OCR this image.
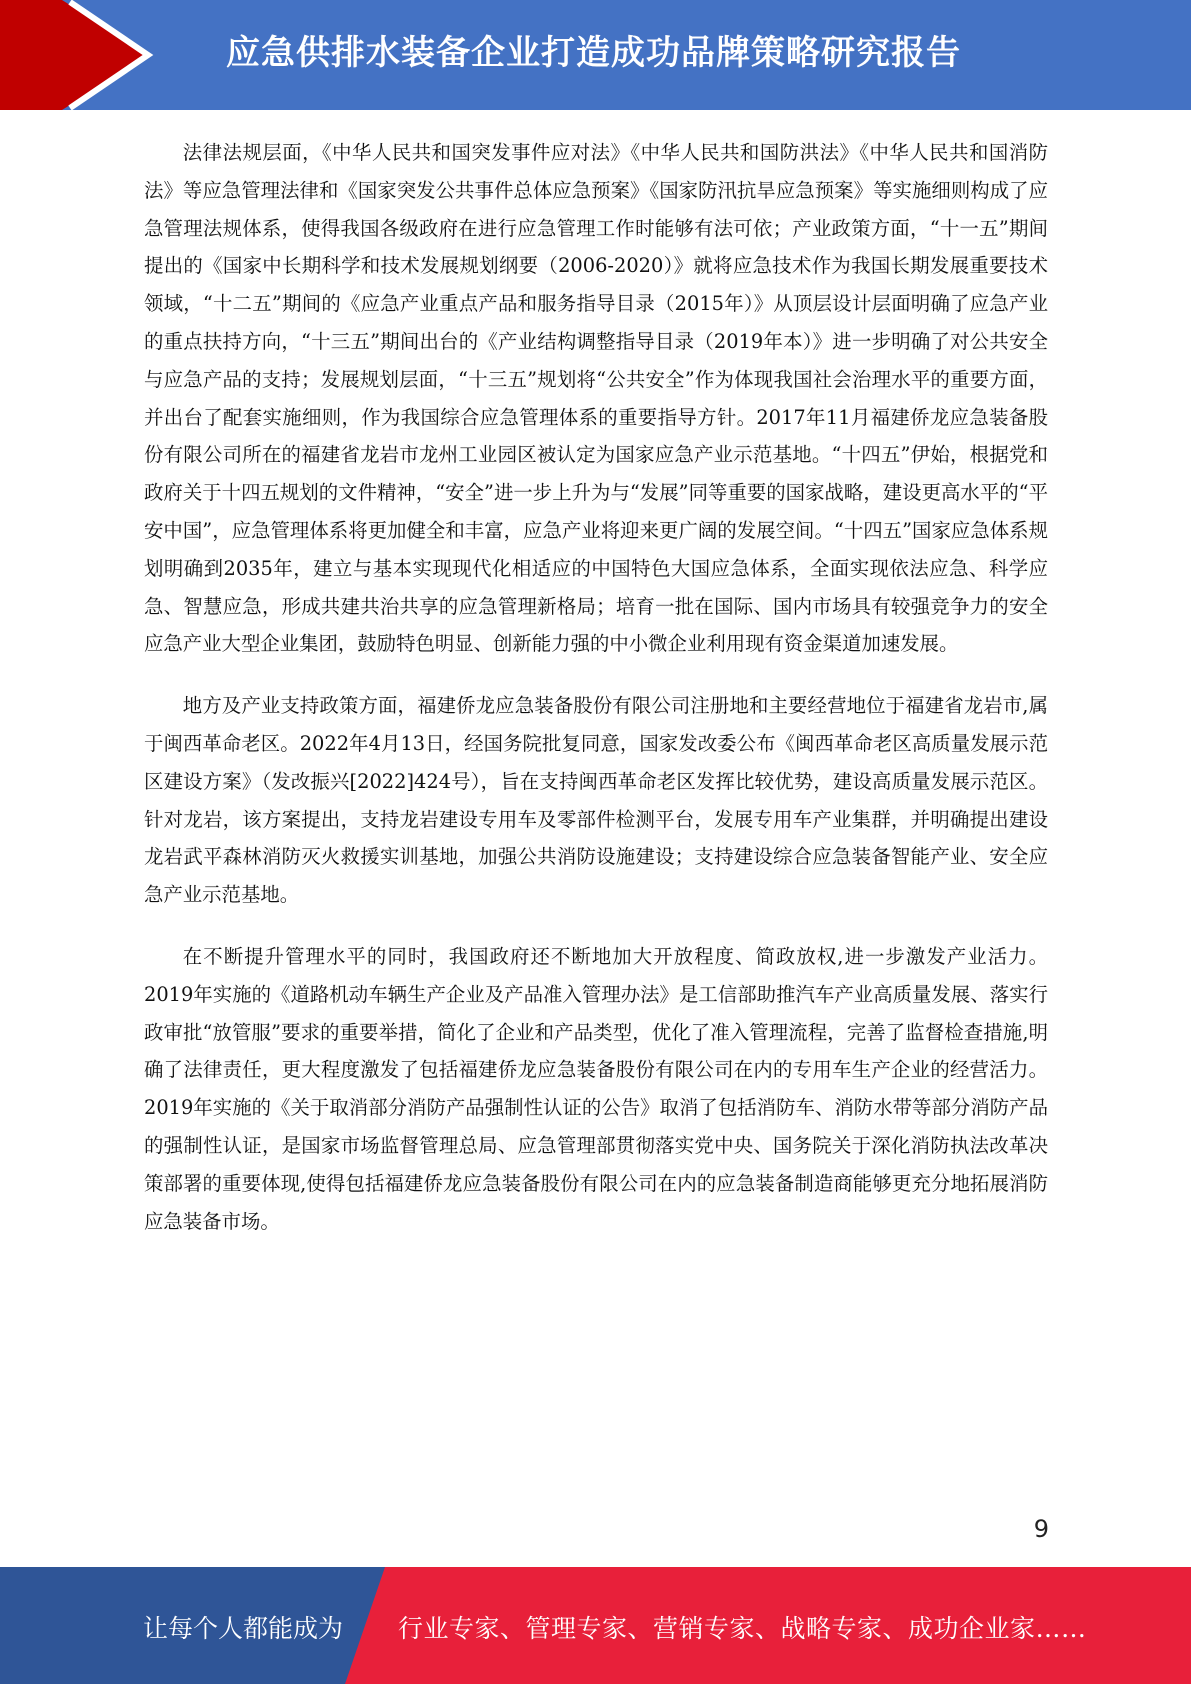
应急供排水装备企业打造成功品牌策略研究报告

法律法规层面，《中华人民共和国突发事件应对法》《中华人民共和国防洪法》《中华人民共和国消防法》等应急管理法律和《国家突发公共事件总体应急预案》《国家防汛抗旱应急预案》等实施细则构成了应急管理法规体系，使得我国各级政府在进行应急管理工作时能够有法可依；产业政策方面，“十一五”期间提出的《国家中长期科学和技术发展规划纲要（2006-2020）》就将应急技术作为我国长期发展重要技术领域，“十二五”期间的《应急产业重点产品和服务指导目录（2015年）》从顶层设计层面明确了应急产业的重点扶持方向，“十三五”期间出台的《产业结构调整指导目录（2019年本）》进一步明确了对公共安全与应急产品的支持；发展规划层面，“十三五”规划将“公共安全”作为体现我国社会治理水平的重要方面，并出台了配套实施细则，作为我国综合应急管理体系的重要指导方针。2017年11月福建侨龙应急装备股份有限公司所在的福建省龙岩市龙州工业园区被认定为国家应急产业示范基地。“十四五”伊始，根据党和政府关于十四五规划的文件精神，“安全”进一步上升为与“发展”同等重要的国家战略，建设更高水平的“平安中国”，应急管理体系将更加健全和丰富，应急产业将迎来更广阔的发展空间。“十四五”国家应急体系规划明确到2035年，建立与基本实现现代化相适应的中国特色大国应急体系，全面实现依法应急、科学应急、智慧应急，形成共建共治共享的应急管理新格局；培育一批在国际、国内市场具有较强竞争力的安全应急产业大型企业集团，鼓励特色明显、创新能力强的中小微企业利用现有资金渠道加速发展。

地方及产业支持政策方面，福建侨龙应急装备股份有限公司注册地和主要经营地位于福建省龙岩市,属于闽西革命老区。2022年4月13日，经国务院批复同意，国家发改委公布《闽西革命老区高质量发展示范区建设方案》（发改振兴[2022]424号），旨在支持闽西革命老区发挥比较优势，建设高质量发展示范区。针对龙岩，该方案提出，支持龙岩建设专用车及零部件检测平台，发展专用车产业集群，并明确提出建设龙岩武平森林消防灭火救援实训基地，加强公共消防设施建设；支持建设综合应急装备智能产业、安全应急产业示范基地。

在不断提升管理水平的同时，我国政府还不断地加大开放程度、简政放权,进一步激发产业活力。2019年实施的《道路机动车辆生产企业及产品准入管理办法》是工信部助推汽车产业高质量发展、落实行政审批“放管服”要求的重要举措，简化了企业和产品类型，优化了准入管理流程，完善了监督检查措施,明确了法律责任，更大程度激发了包括福建侨龙应急装备股份有限公司在内的专用车生产企业的经营活力。2019年实施的《关于取消部分消防产品强制性认证的公告》取消了包括消防车、消防水带等部分消防产品的强制性认证，是国家市场监督管理总局、应急管理部贯彻落实党中央、国务院关于深化消防执法改革决策部署的重要体现,使得包括福建侨龙应急装备股份有限公司在内的应急装备制造商能够更充分地拓展消防应急装备市场。

9
让每个人都能成为 行业专家、管理专家、营销专家、战略专家、成功企业家……
